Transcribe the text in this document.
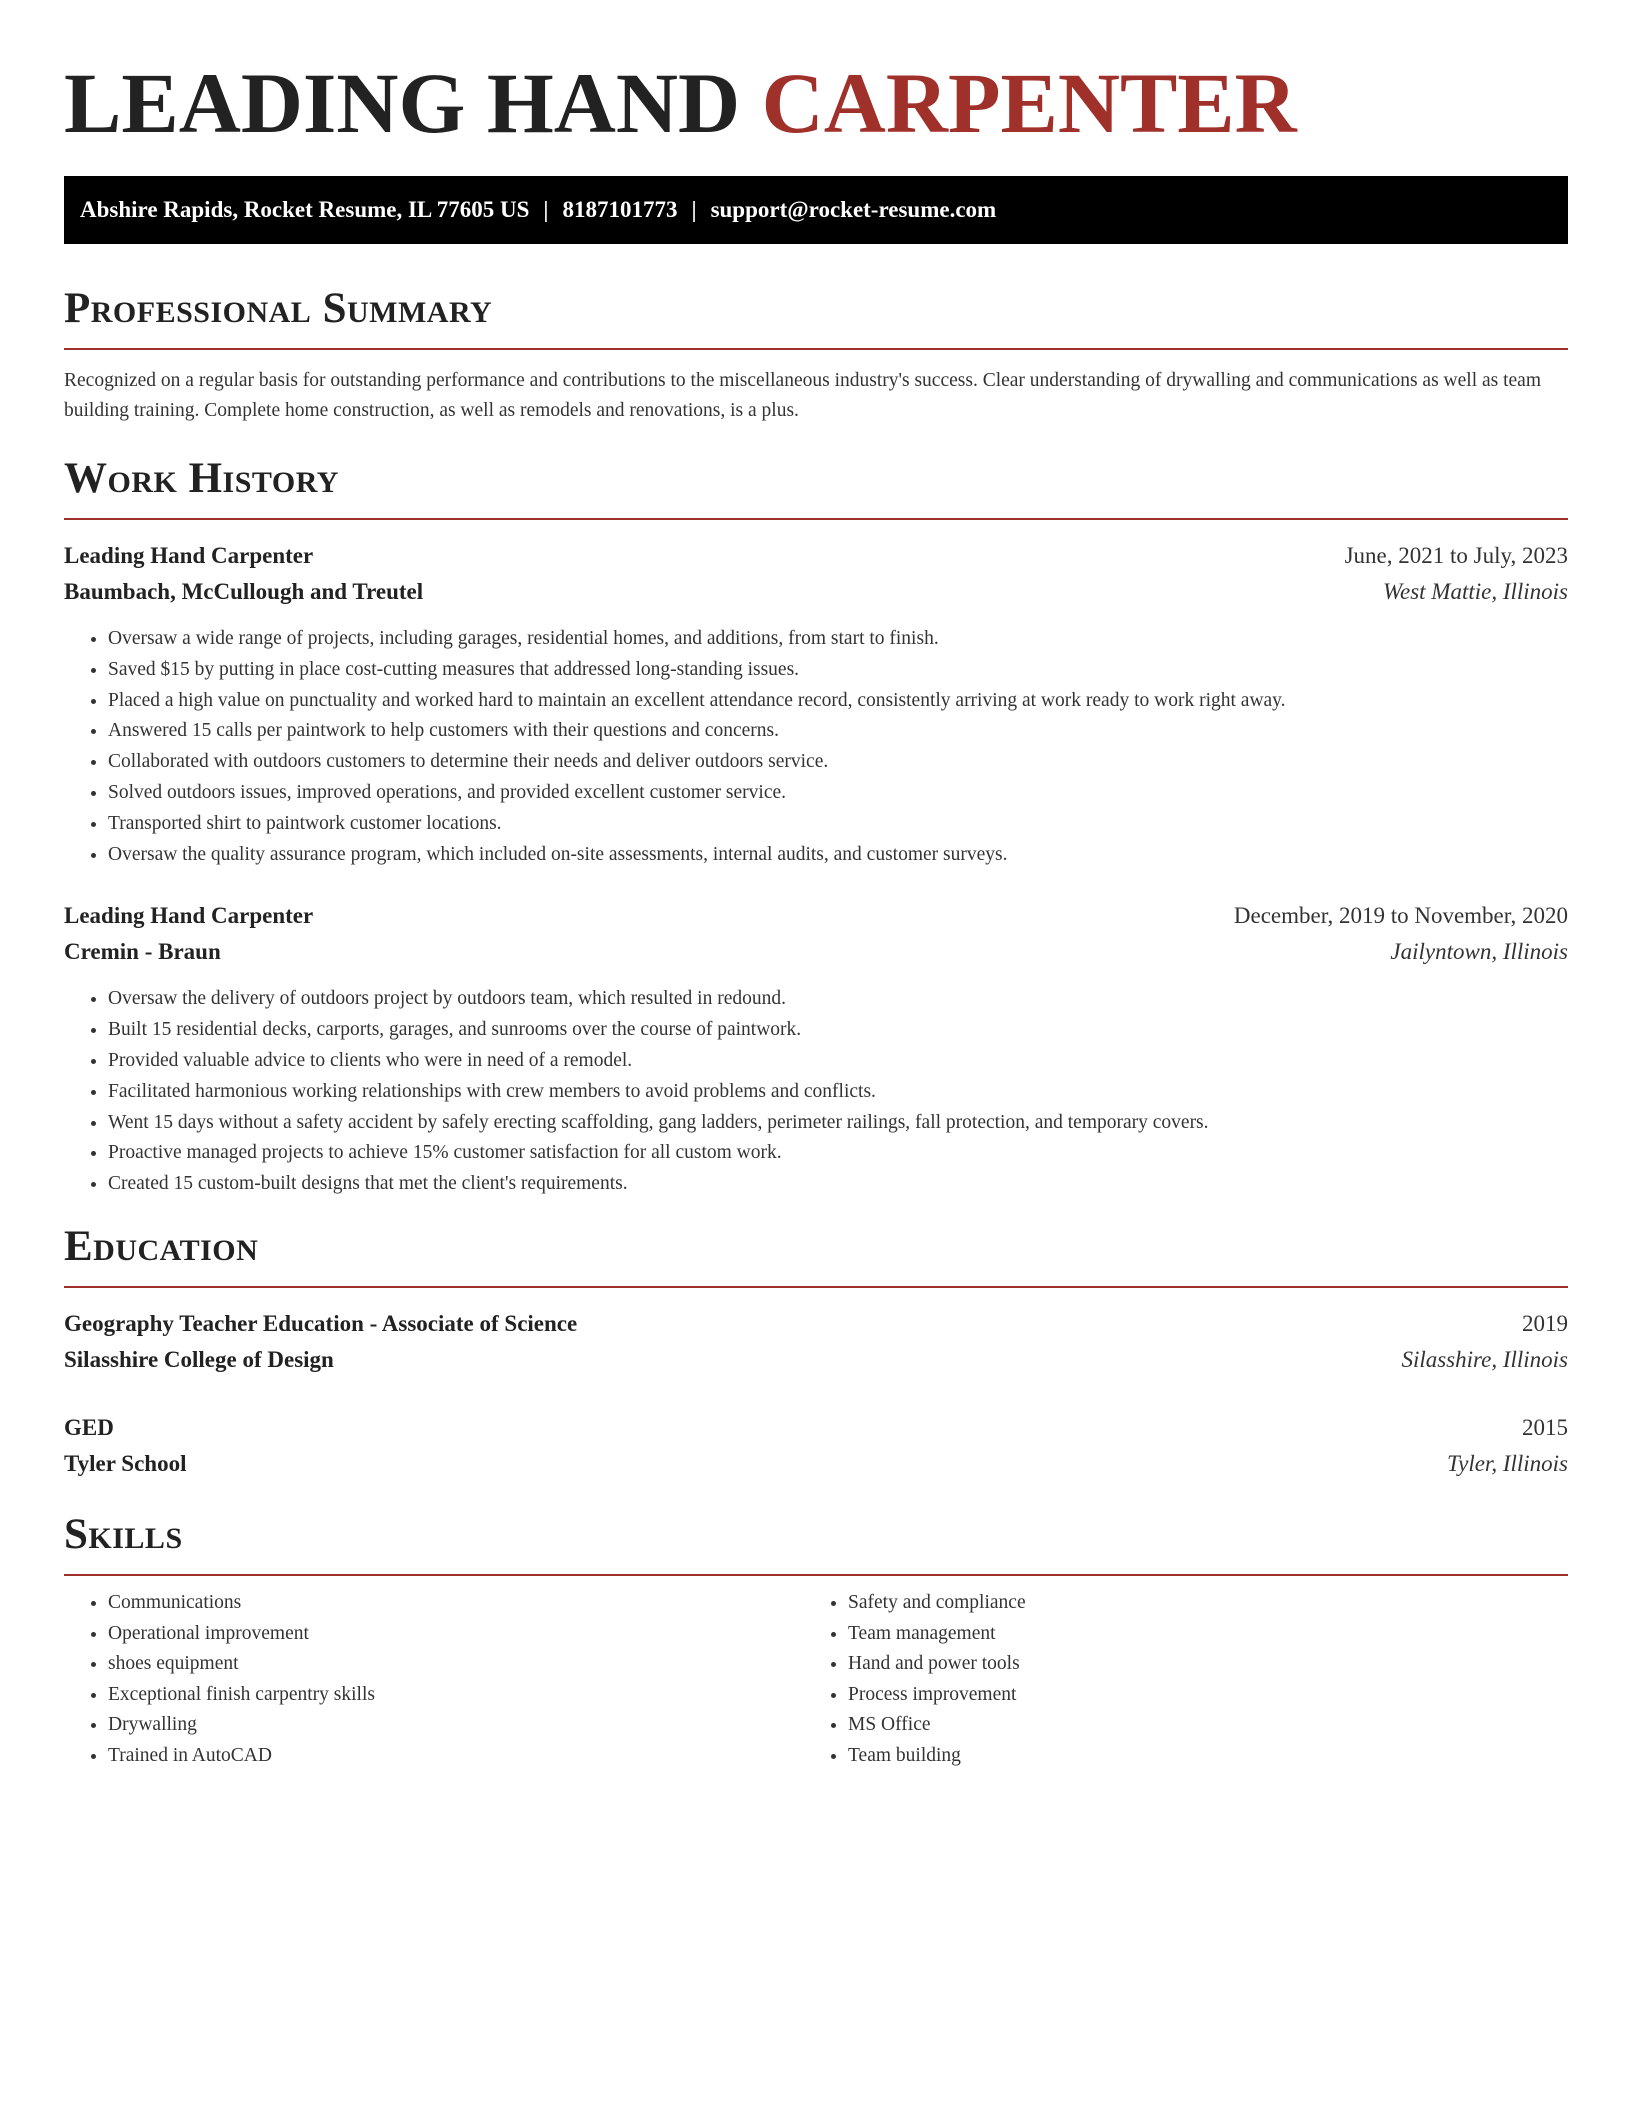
LEADING HAND CARPENTER
Abshire Rapids, Rocket Resume, IL 77605 US | 8187101773 | support@rocket-resume.com
Professional Summary
Recognized on a regular basis for outstanding performance and contributions to the miscellaneous industry's success. Clear understanding of drywalling and communications as well as team building training. Complete home construction, as well as remodels and renovations, is a plus.
Work History
Leading Hand Carpenter	June, 2021 to July, 2023
Baumbach, McCullough and Treutel	West Mattie, Illinois
• Oversaw a wide range of projects, including garages, residential homes, and additions, from start to finish.
• Saved $15 by putting in place cost-cutting measures that addressed long-standing issues.
• Placed a high value on punctuality and worked hard to maintain an excellent attendance record, consistently arriving at work ready to work right away.
• Answered 15 calls per paintwork to help customers with their questions and concerns.
• Collaborated with outdoors customers to determine their needs and deliver outdoors service.
• Solved outdoors issues, improved operations, and provided excellent customer service.
• Transported shirt to paintwork customer locations.
• Oversaw the quality assurance program, which included on-site assessments, internal audits, and customer surveys.
Leading Hand Carpenter	December, 2019 to November, 2020
Cremin - Braun	Jailyntown, Illinois
• Oversaw the delivery of outdoors project by outdoors team, which resulted in redound.
• Built 15 residential decks, carports, garages, and sunrooms over the course of paintwork.
• Provided valuable advice to clients who were in need of a remodel.
• Facilitated harmonious working relationships with crew members to avoid problems and conflicts.
• Went 15 days without a safety accident by safely erecting scaffolding, gang ladders, perimeter railings, fall protection, and temporary covers.
• Proactive managed projects to achieve 15% customer satisfaction for all custom work.
• Created 15 custom-built designs that met the client's requirements.
Education
Geography Teacher Education - Associate of Science	2019
Silasshire College of Design	Silasshire, Illinois
GED	2015
Tyler School	Tyler, Illinois
Skills
• Communications
• Operational improvement
• shoes equipment
• Exceptional finish carpentry skills
• Drywalling
• Trained in AutoCAD
• Safety and compliance
• Team management
• Hand and power tools
• Process improvement
• MS Office
• Team building
